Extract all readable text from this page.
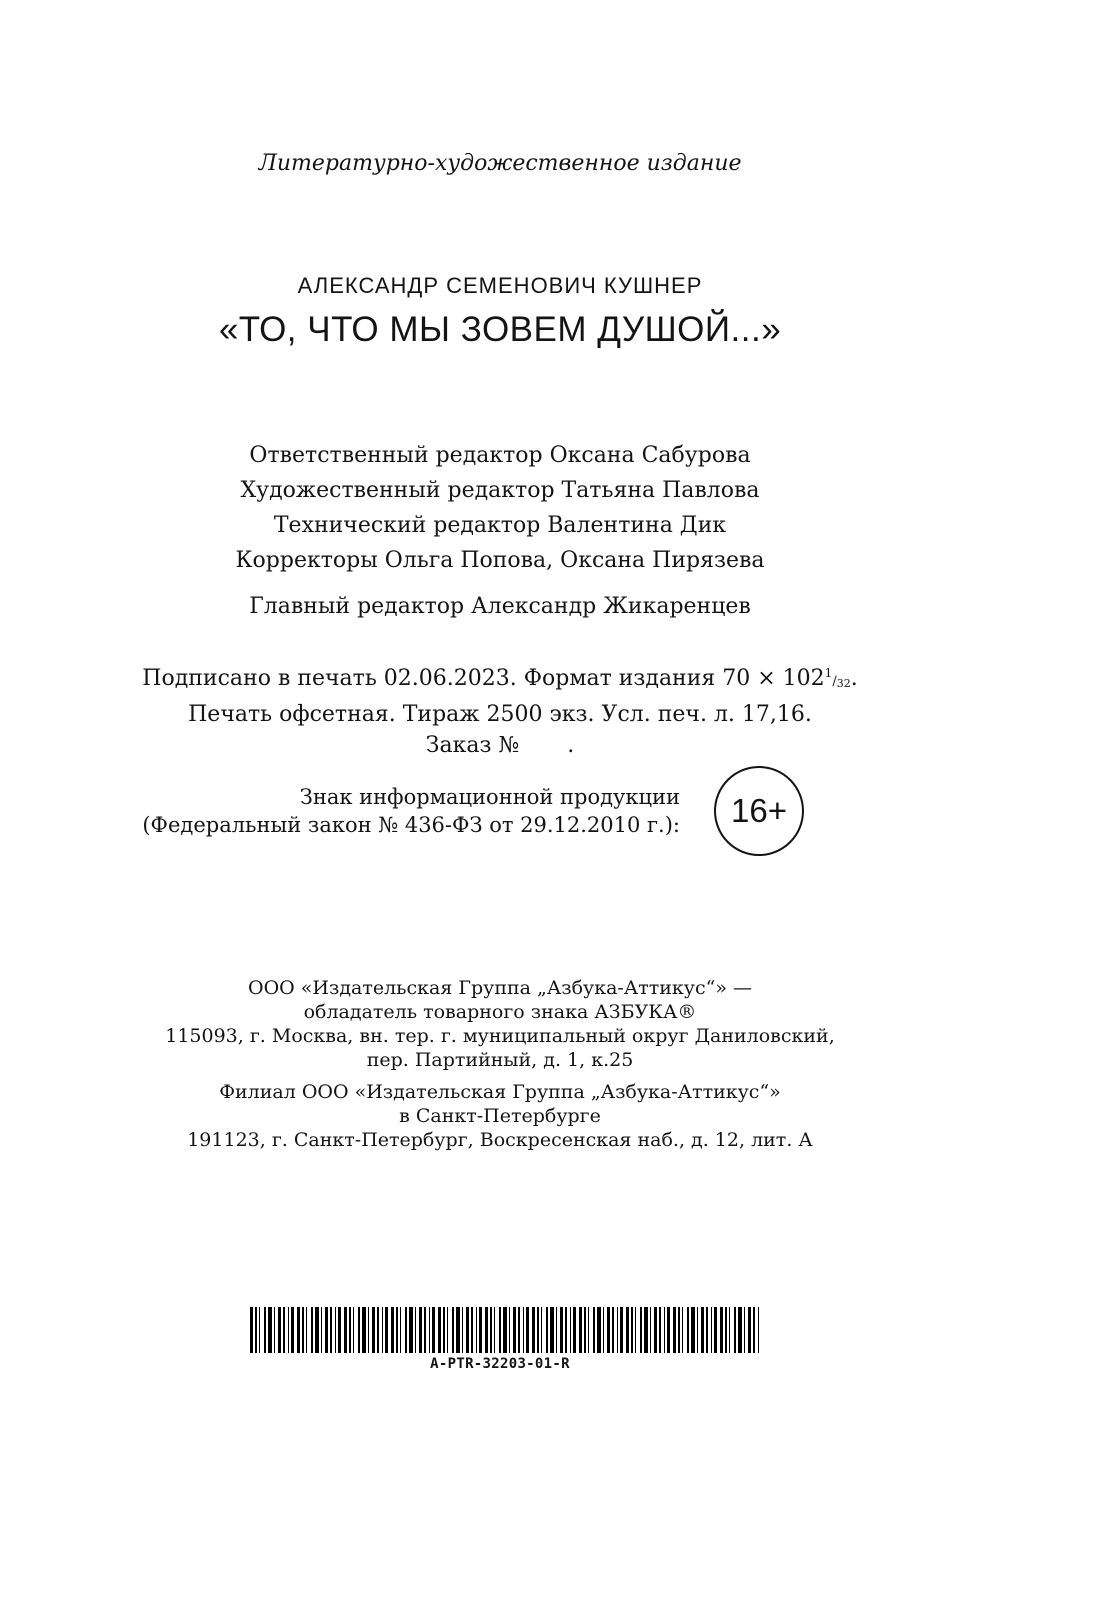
Литературно-художественное издание
АЛЕКСАНДР СЕМЕНОВИЧ КУШНЕР
«ТО, ЧТО МЫ ЗОВЕМ ДУШОЙ...»
Ответственный редактор Оксана Сабурова
Художественный редактор Татьяна Павлова
Технический редактор Валентина Дик
Корректоры Ольга Попова, Оксана Пирязева
Главный редактор Александр Жикаренцев
Подписано в печать 02.06.2023. Формат издания $70 \times 102^1/_{32}$.
Печать офсетная. Тираж 2500 экз. Усл. печ. л. 17,16.
Заказ № .
Знак информационной продукции
(Федеральный закон № 436-ФЗ от 29.12.2010 г.):	16+
ООО «Издательская Группа „Азбука-Аттикус“» —
обладатель товарного знака АЗБУКА®
115093, г. Москва, вн. тер. г. муниципальный округ Даниловский,
пер. Партийный, д. 1, к.25
Филиал ООО «Издательская Группа „Азбука-Аттикус“»
в Санкт-Петербурге
191123, г. Санкт-Петербург, Воскресенская наб., д. 12, лит. А
A-PTR-32203-01-R
